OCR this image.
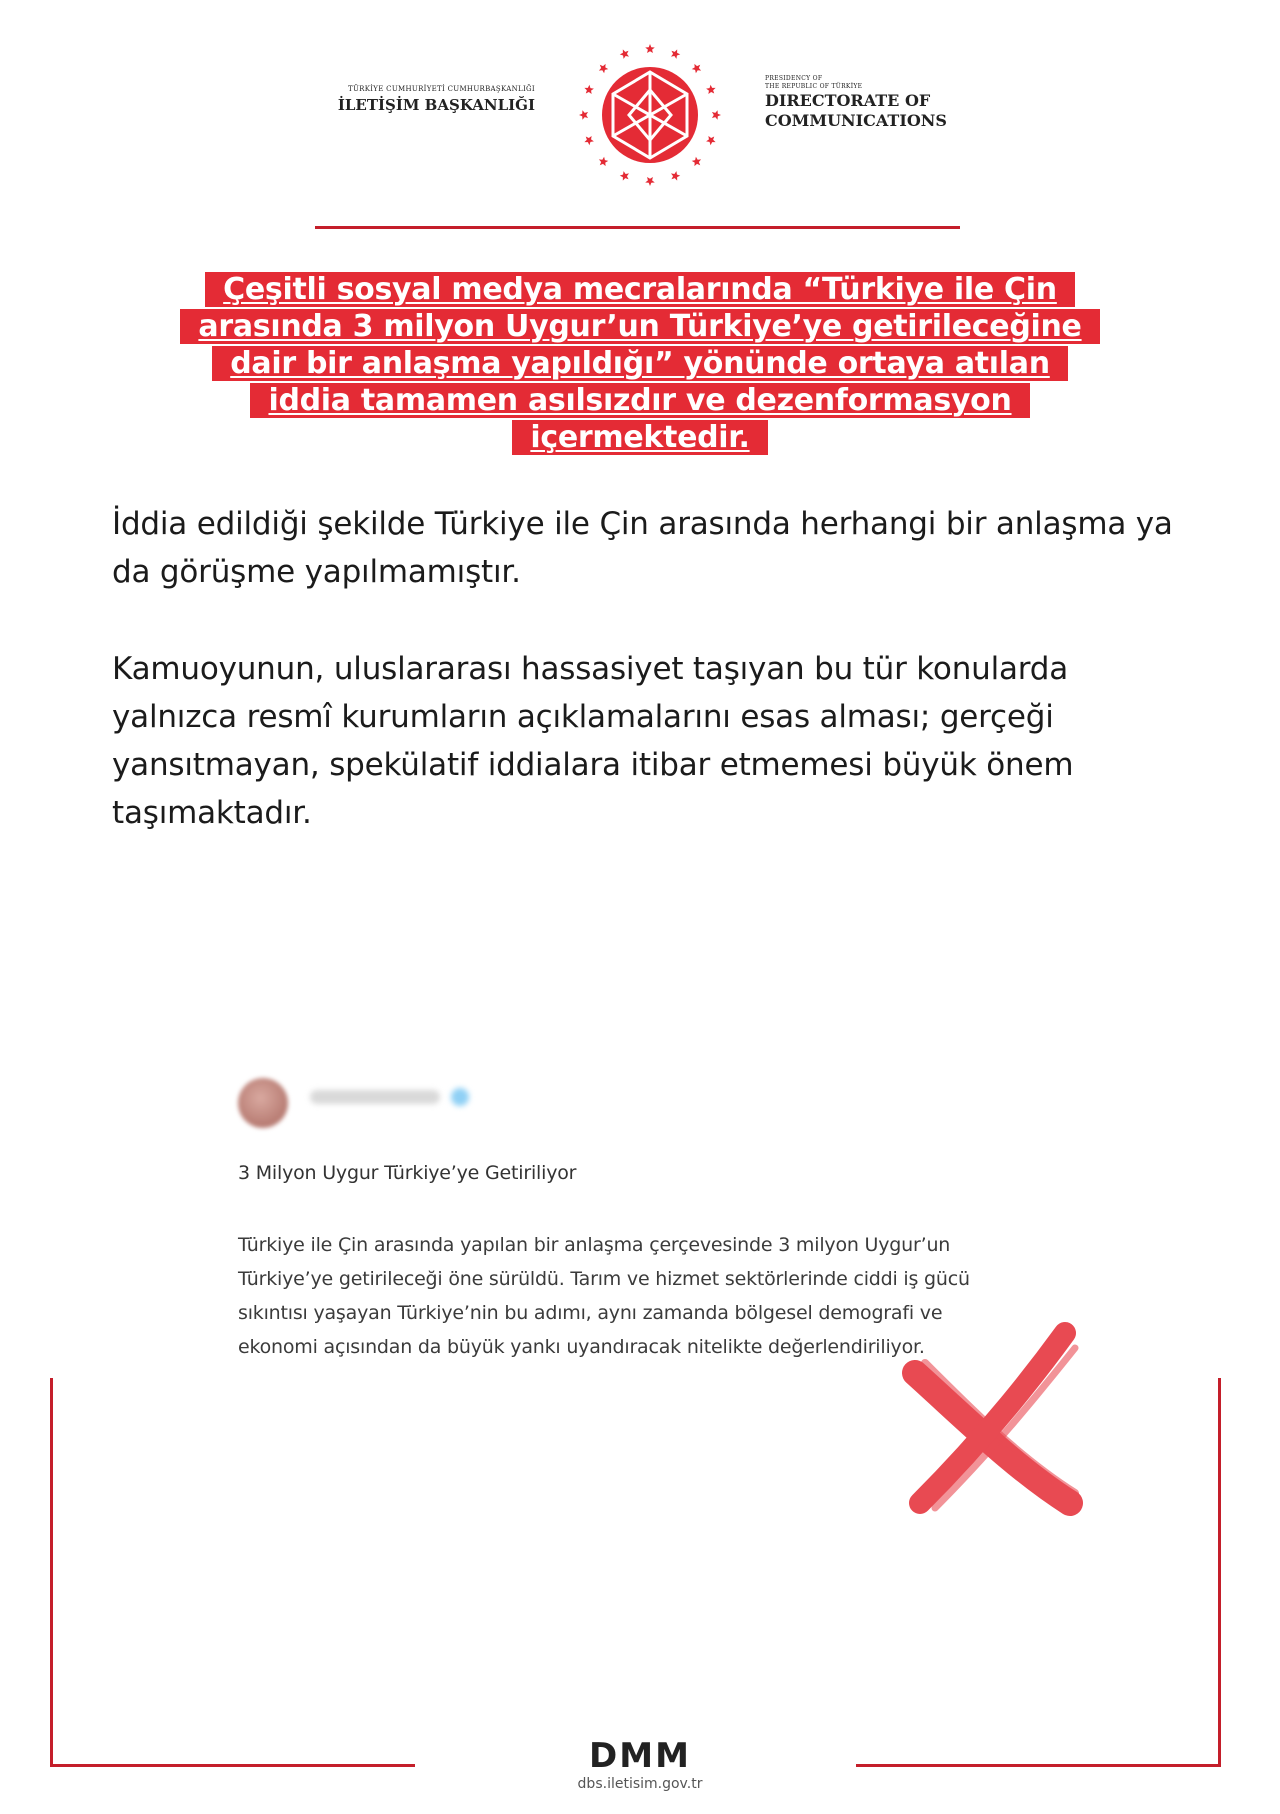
TÜRKİYE CUMHURİYETİ CUMHURBAŞKANLIĞI
İLETİŞİM BAŞKANLIĞI
PRESIDENCY OF
THE REPUBLIC OF TÜRKİYE
DIRECTORATE OF
COMMUNICATIONS
Çeşitli sosyal medya mecralarında “Türkiye ile Çin
arasında 3 milyon Uygur’un Türkiye’ye getirileceğine
dair bir anlaşma yapıldığı” yönünde ortaya atılan
iddia tamamen asılsızdır ve dezenformasyon
içermektedir.

İddia edildiği şekilde Türkiye ile Çin arasında herhangi bir anlaşma ya da görüşme yapılmamıştır.

Kamuoyunun, uluslararası hassasiyet taşıyan bu tür konularda yalnızca resmî kurumların açıklamalarını esas alması; gerçeği yansıtmayan, spekülatif iddialara itibar etmemesi büyük önem taşımaktadır.

3 Milyon Uygur Türkiye’ye Getiriliyor

Türkiye ile Çin arasında yapılan bir anlaşma çerçevesinde 3 milyon Uygur’un Türkiye’ye getirileceği öne sürüldü. Tarım ve hizmet sektörlerinde ciddi iş gücü sıkıntısı yaşayan Türkiye’nin bu adımı, aynı zamanda bölgesel demografi ve ekonomi açısından da büyük yankı uyandıracak nitelikte değerlendiriliyor.

DMM
dbs.iletisim.gov.tr
